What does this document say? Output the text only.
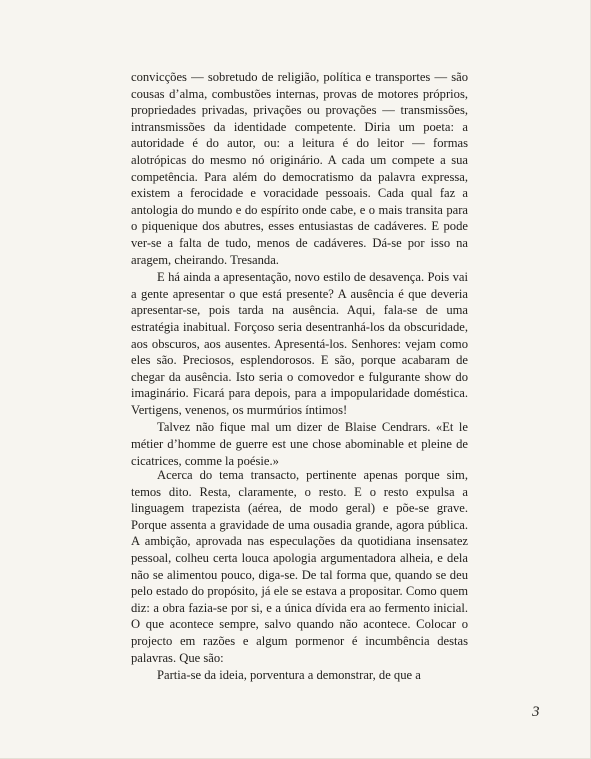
convicções — sobretudo de religião, política e transportes — são cousas d’alma, combustões internas, provas de motores próprios, propriedades privadas, privações ou provações — transmissões, intransmissões da identidade competente. Diria um poeta: a autoridade é do autor, ou: a leitura é do leitor — formas alotrópicas do mesmo nó originário. A cada um compete a sua competência. Para além do democratismo da palavra expressa, existem a ferocidade e voracidade pessoais. Cada qual faz a antologia do mundo e do espírito onde cabe, e o mais transita para o piquenique dos abutres, esses entusiastas de cadáveres. E pode ver-se a falta de tudo, menos de cadáveres. Dá-se por isso na aragem, cheirando. Tresanda.

E há ainda a apresentação, novo estilo de desavença. Pois vai a gente apresentar o que está presente? A ausência é que deveria apresentar-se, pois tarda na ausência. Aqui, fala-se de uma estratégia inabitual. Forçoso seria desentranhá-los da obscuridade, aos obscuros, aos ausentes. Apresentá-los. Senhores: vejam como eles são. Preciosos, esplendorosos. E são, porque acabaram de chegar da ausência. Isto seria o comovedor e fulgurante show do imaginário. Ficará para depois, para a impopularidade doméstica. Vertigens, venenos, os murmúrios íntimos!

Talvez não fique mal um dizer de Blaise Cendrars. «Et le métier d’homme de guerre est une chose abominable et pleine de cicatrices, comme la poésie.»

Acerca do tema transacto, pertinente apenas porque sim, temos dito. Resta, claramente, o resto. E o resto expulsa a linguagem trapezista (aérea, de modo geral) e põe-se grave. Porque assenta a gravidade de uma ousadia grande, agora pública. A ambição, aprovada nas especulações da quotidiana insensatez pessoal, colheu certa louca apologia argumentadora alheia, e dela não se alimentou pouco, diga-se. De tal forma que, quando se deu pelo estado do propósito, já ele se estava a propositar. Como quem diz: a obra fazia-se por si, e a única dívida era ao fermento inicial. O que acontece sempre, salvo quando não acontece. Colocar o projecto em razões e algum pormenor é incumbência destas palavras. Que são:

Partia-se da ideia, porventura a demonstrar, de que a

3
